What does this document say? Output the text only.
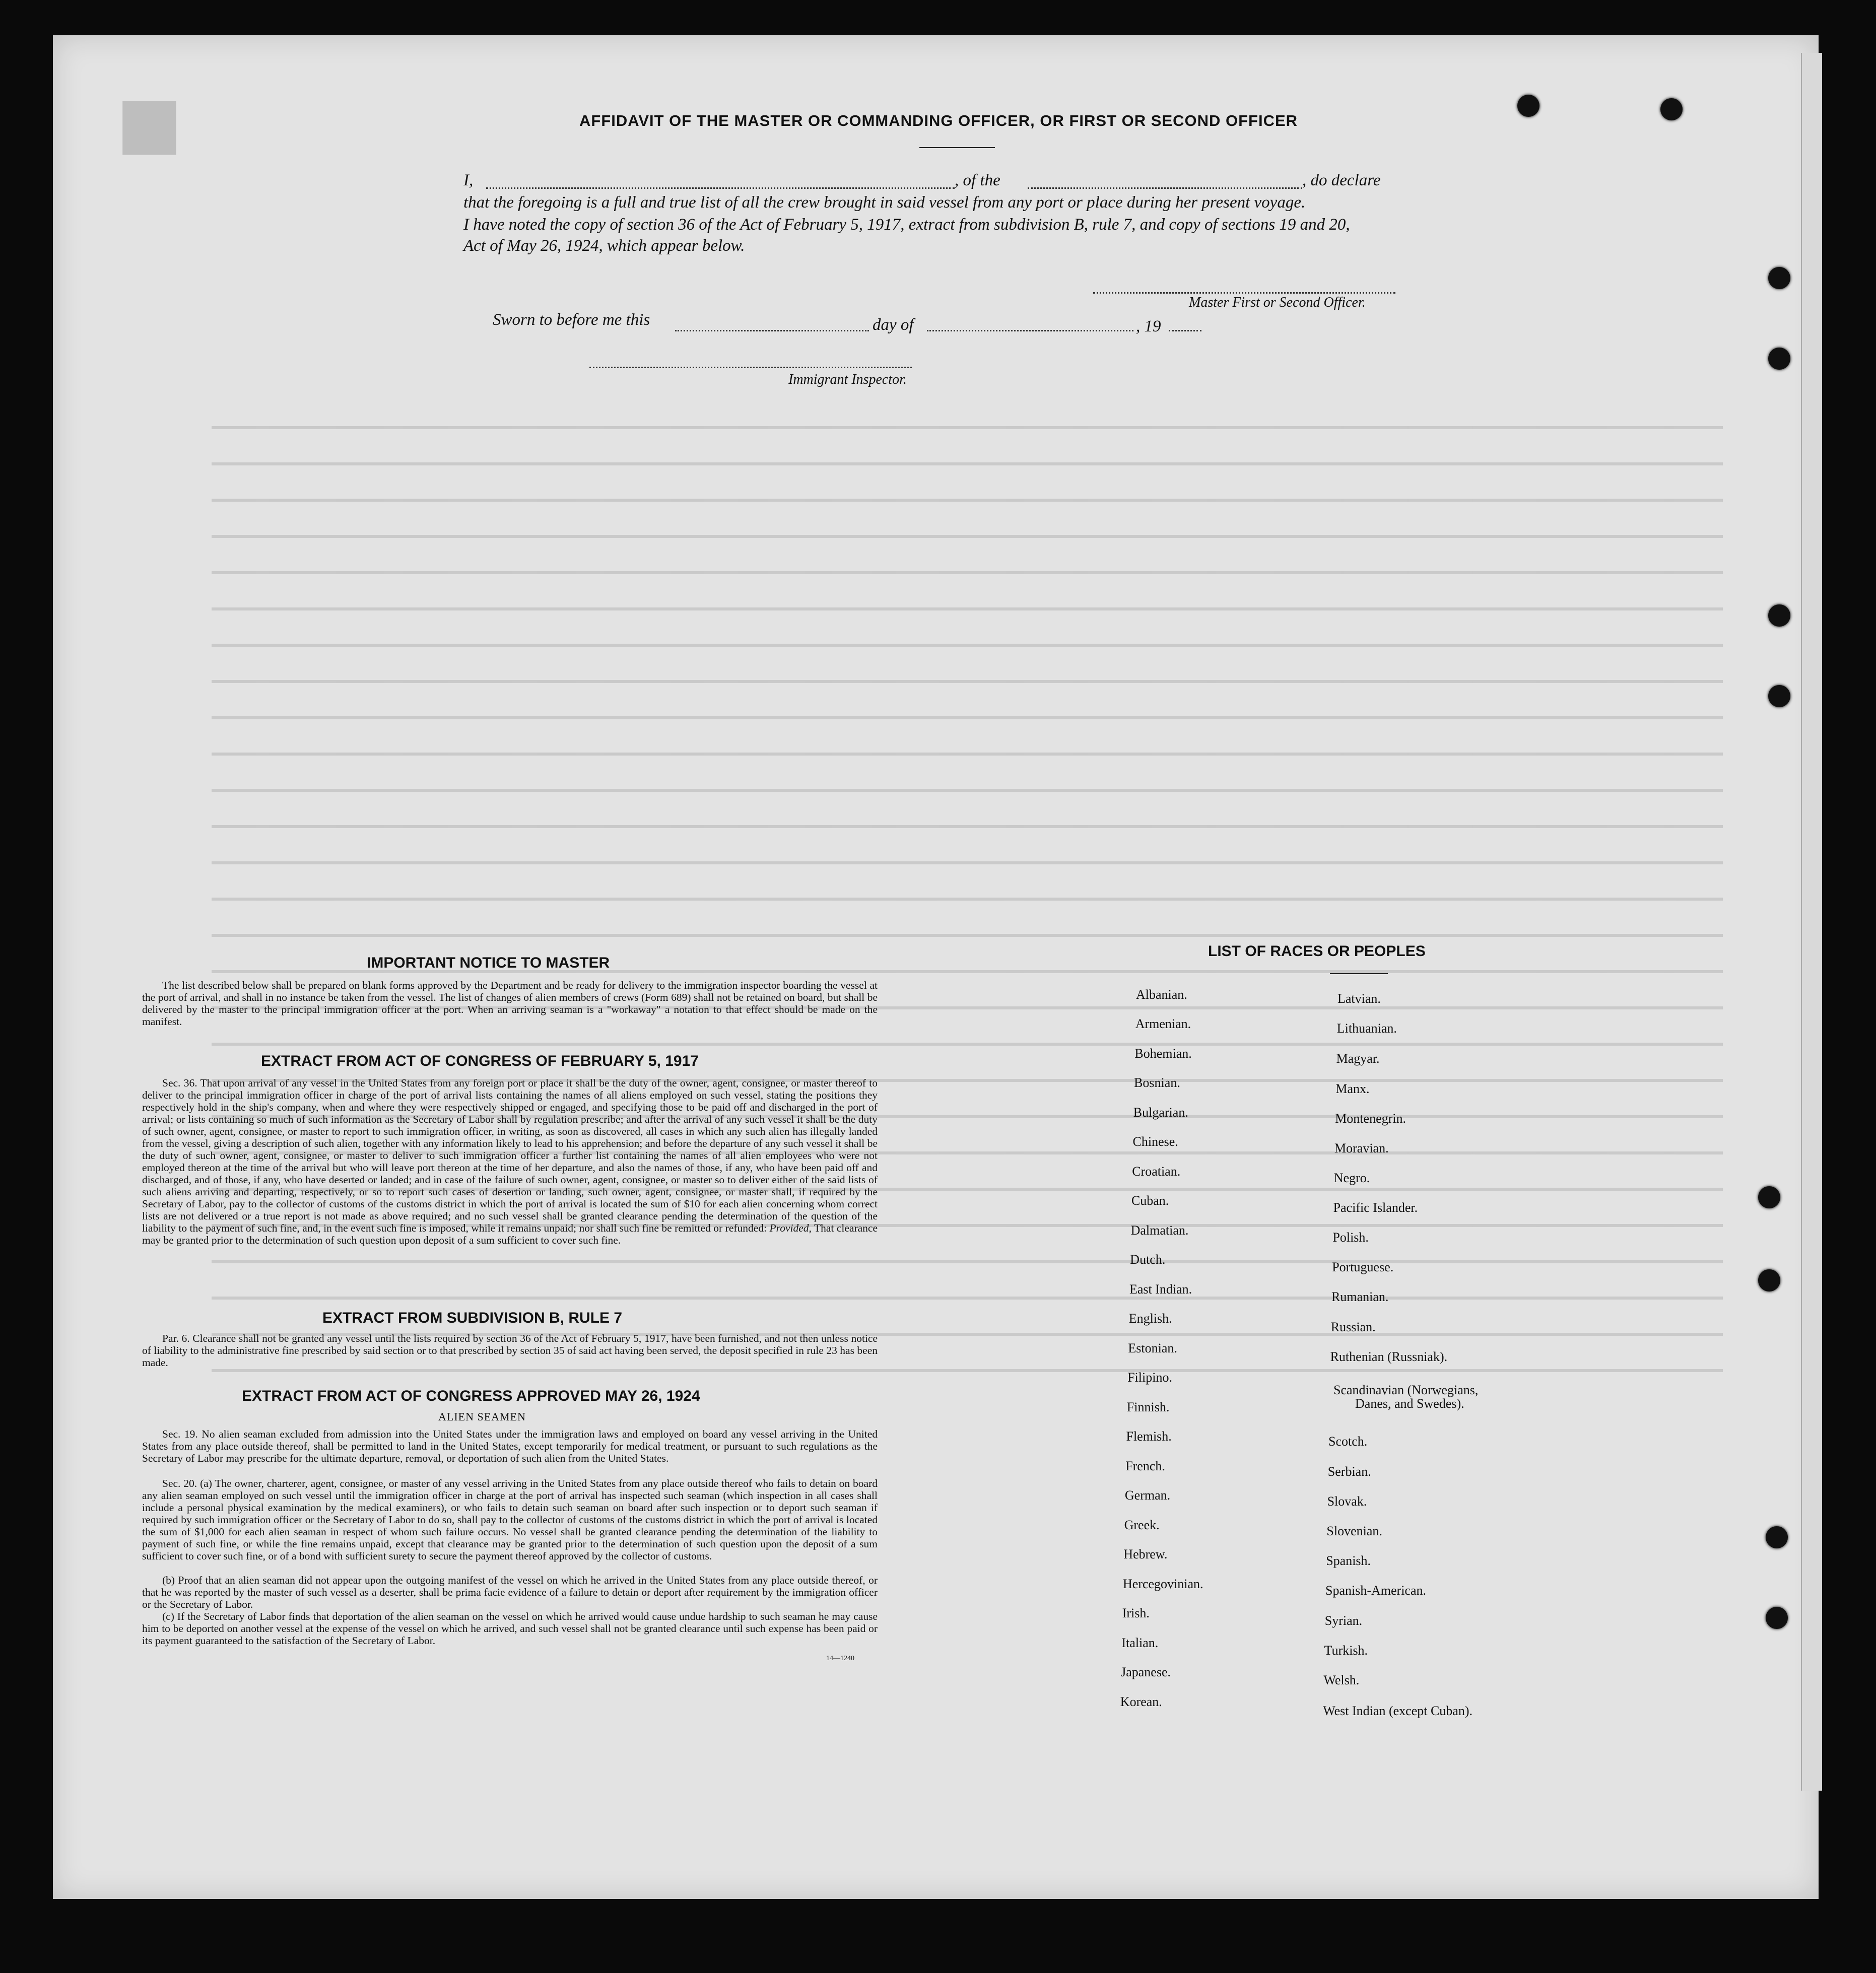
■	AFFIDAVIT OF THE MASTER OR COMMANDING OFFICER, OR FIRST OR SECOND OFFICER
I,	, of the	, do declare
that the foregoing is a full and true list of all the crew brought in said vessel from any port or place during her present voyage.
I have noted the copy of section 36 of the Act of February 5, 1917, extract from subdivision B, rule 7, and copy of sections 19 and 20,
Act of May 26, 1924, which appear below.
Master First or Second Officer.
Sworn to before me this	day of	, 19
Immigrant Inspector.
IMPORTANT NOTICE TO MASTER
The list described below shall be prepared on blank forms approved by the Department and be ready for delivery to the immigration inspector boarding the vessel at the port of arrival, and shall in no instance be taken from the vessel. The list of changes of alien members of crews (Form 689) shall not be retained on board, but shall be delivered by the master to the principal immigration officer at the port. When an arriving seaman is a "workaway" a notation to that effect should be made on the manifest.
EXTRACT FROM ACT OF CONGRESS OF FEBRUARY 5, 1917
Sec. 36. That upon arrival of any vessel in the United States from any foreign port or place it shall be the duty of the owner, agent, consignee, or master thereof to deliver to the principal immigration officer in charge of the port of arrival lists containing the names of all aliens employed on such vessel, stating the positions they respectively hold in the ship's company, when and where they were respectively shipped or engaged, and specifying those to be paid off and discharged in the port of arrival; or lists containing so much of such information as the Secretary of Labor shall by regulation prescribe; and after the arrival of any such vessel it shall be the duty of such owner, agent, consignee, or master to report to such immigration officer, in writing, as soon as discovered, all cases in which any such alien has illegally landed from the vessel, giving a description of such alien, together with any information likely to lead to his apprehension; and before the departure of any such vessel it shall be the duty of such owner, agent, consignee, or master to deliver to such immigration officer a further list containing the names of all alien employees who were not employed thereon at the time of the arrival but who will leave port thereon at the time of her departure, and also the names of those, if any, who have been paid off and discharged, and of those, if any, who have deserted or landed; and in case of the failure of such owner, agent, consignee, or master so to deliver either of the said lists of such aliens arriving and departing, respectively, or so to report such cases of desertion or landing, such owner, agent, consignee, or master shall, if required by the Secretary of Labor, pay to the collector of customs of the customs district in which the port of arrival is located the sum of $10 for each alien concerning whom correct lists are not delivered or a true report is not made as above required; and no such vessel shall be granted clearance pending the determination of the question of the liability to the payment of such fine, and, in the event such fine is imposed, while it remains unpaid; nor shall such fine be remitted or refunded: Provided, That clearance may be granted prior to the determination of such question upon deposit of a sum sufficient to cover such fine.
EXTRACT FROM SUBDIVISION B, RULE 7
Par. 6. Clearance shall not be granted any vessel until the lists required by section 36 of the Act of February 5, 1917, have been furnished, and not then unless notice of liability to the administrative fine prescribed by said section or to that prescribed by section 35 of said act having been served, the deposit specified in rule 23 has been made.
EXTRACT FROM ACT OF CONGRESS APPROVED MAY 26, 1924
ALIEN SEAMEN
Sec. 19. No alien seaman excluded from admission into the United States under the immigration laws and employed on board any vessel arriving in the United States from any place outside thereof, shall be permitted to land in the United States, except temporarily for medical treatment, or pursuant to such regulations as the Secretary of Labor may prescribe for the ultimate departure, removal, or deportation of such alien from the United States.
Sec. 20. (a) The owner, charterer, agent, consignee, or master of any vessel arriving in the United States from any place outside thereof who fails to detain on board any alien seaman employed on such vessel until the immigration officer in charge at the port of arrival has inspected such seaman (which inspection in all cases shall include a personal physical examination by the medical examiners), or who fails to detain such seaman on board after such inspection or to deport such seaman if required by such immigration officer or the Secretary of Labor to do so, shall pay to the collector of customs of the customs district in which the port of arrival is located the sum of $1,000 for each alien seaman in respect of whom such failure occurs. No vessel shall be granted clearance pending the determination of the liability to payment of such fine, or while the fine remains unpaid, except that clearance may be granted prior to the determination of such question upon the deposit of a sum sufficient to cover such fine, or of a bond with sufficient surety to secure the payment thereof approved by the collector of customs.
(b) Proof that an alien seaman did not appear upon the outgoing manifest of the vessel on which he arrived in the United States from any place outside thereof, or that he was reported by the master of such vessel as a deserter, shall be prima facie evidence of a failure to detain or deport after requirement by the immigration officer or the Secretary of Labor.
(c) If the Secretary of Labor finds that deportation of the alien seaman on the vessel on which he arrived would cause undue hardship to such seaman he may cause him to be deported on another vessel at the expense of the vessel on which he arrived, and such vessel shall not be granted clearance until such expense has been paid or its payment guaranteed to the satisfaction of the Secretary of Labor.
14—1240
LIST OF RACES OR PEOPLES
Albanian.
Armenian.
Bohemian.
Bosnian.
Bulgarian.
Chinese.
Croatian.
Cuban.
Dalmatian.
Dutch.
East Indian.
English.
Estonian.
Filipino.
Finnish.
Flemish.
French.
German.
Greek.
Hebrew.
Hercegovinian.
Irish.
Italian.
Japanese.
Korean.
Latvian.
Lithuanian.
Magyar.
Manx.
Montenegrin.
Moravian.
Negro.
Pacific Islander.
Polish.
Portuguese.
Rumanian.
Russian.
Ruthenian (Russniak).
Scandinavian (Norwegians,
Danes, and Swedes).
Scotch.
Serbian.
Slovak.
Slovenian.
Spanish.
Spanish-American.
Syrian.
Turkish.
Welsh.
West Indian (except Cuban).
